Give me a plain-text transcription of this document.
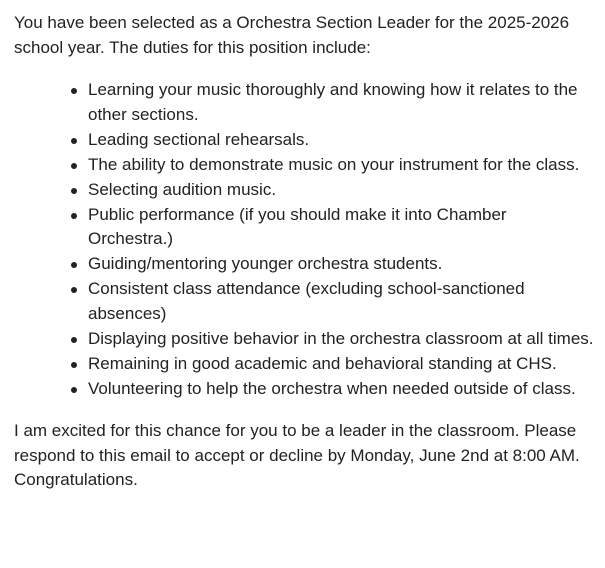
You have been selected as a Orchestra Section Leader for the 2025-2026 school year. The duties for this position include:

Learning your music thoroughly and knowing how it relates to the other sections.
Leading sectional rehearsals.
The ability to demonstrate music on your instrument for the class.
Selecting audition music.
Public performance (if you should make it into Chamber Orchestra.)
Guiding/mentoring younger orchestra students.
Consistent class attendance (excluding school-sanctioned absences)
Displaying positive behavior in the orchestra classroom at all times.
Remaining in good academic and behavioral standing at CHS.
Volunteering to help the orchestra when needed outside of class.

I am excited for this chance for you to be a leader in the classroom. Please respond to this email to accept or decline by Monday, June 2nd at 8:00 AM. Congratulations.
